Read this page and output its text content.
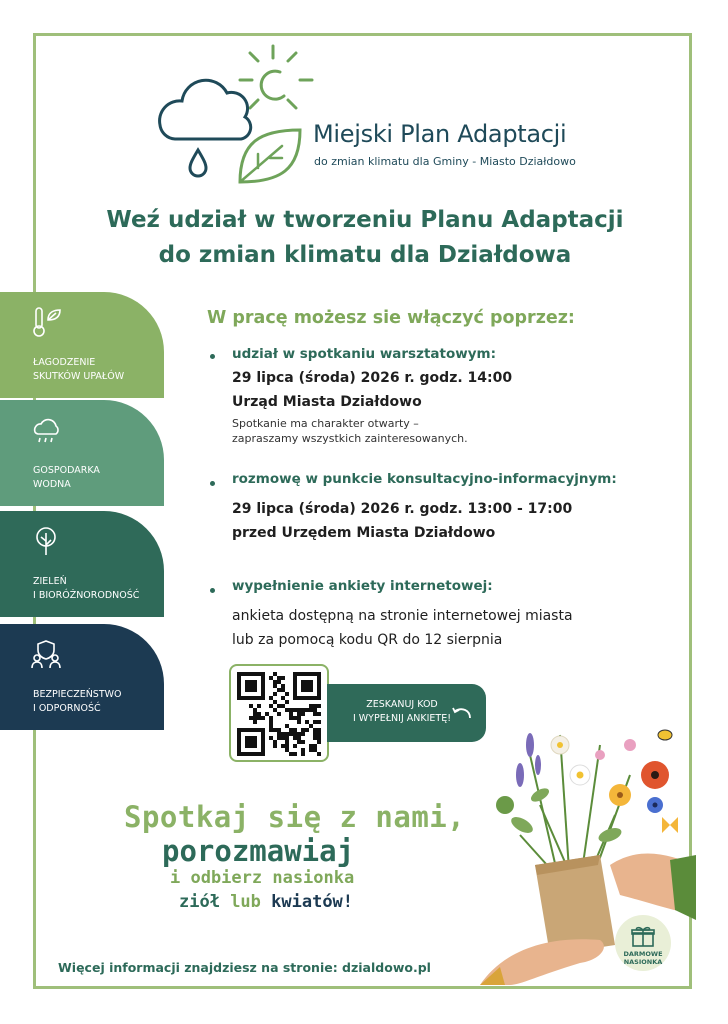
Miejski Plan Adaptacji
do zmian klimatu dla Gminy - Miasto Działdowo
Weź udział w tworzeniu Planu Adaptacji
do zmian klimatu dla Działdowa
ŁAGODZENIE
SKUTKÓW UPAŁÓW
GOSPODARKA
WODNA
ZIELEŃ
I BIORÓŻNORODNOŚĆ
BEZPIECZEŃSTWO
I ODPORNOŚĆ
W pracę możesz sie włączyć poprzez:
udział w spotkaniu warsztatowym:
29 lipca (środa) 2026 r. godz. 14:00
Urząd Miasta Działdowo
Spotkanie ma charakter otwarty –
zapraszamy wszystkich zainteresowanych.
rozmowę w punkcie konsultacyjno-informacyjnym:
29 lipca (środa) 2026 r. godz. 13:00 - 17:00
przed Urzędem Miasta Działdowo
wypełnienie ankiety internetowej:
ankieta dostępną na stronie internetowej miasta
lub za pomocą kodu QR do 12 sierpnia
ZESKANUJ KOD
I WYPEŁNIJ ANKIETĘ!
Spotkaj się z nami,
porozmawiaj
i odbierz nasionka
ziół lub kwiatów!
DARMOWE
NASIONKA
Więcej informacji znajdziesz na stronie: dzialdowo.pl
